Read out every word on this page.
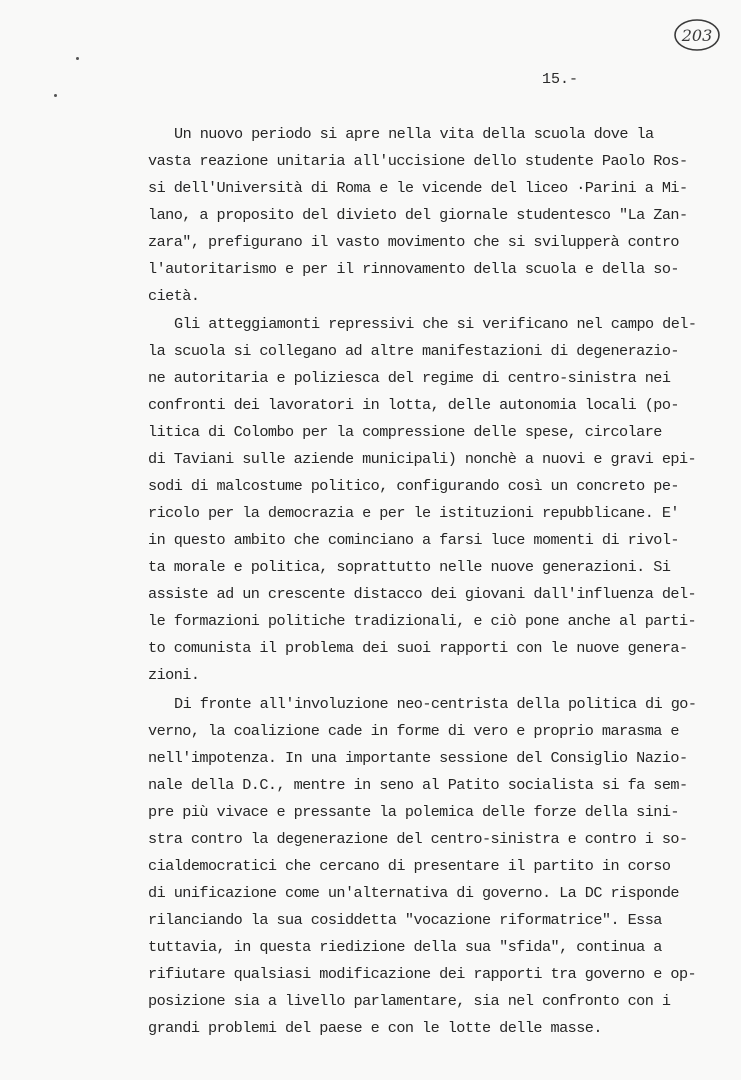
203
15.-
Un nuovo periodo si apre nella vita della scuola dove la
vasta reazione unitaria all'uccisione dello studente Paolo Ros-
si dell'Università di Roma e le vicende del liceo ·Parini a Mi-
lano, a proposito del divieto del giornale studentesco "La Zan-
zara", prefigurano il vasto movimento che si svilupperà contro
l'autoritarismo e per il rinnovamento della scuola e della so-
cietà.
Gli atteggiamonti repressivi che si verificano nel campo del-
la scuola si collegano ad altre manifestazioni di degenerazio-
ne autoritaria e poliziesca del regime di centro-sinistra nei
confronti dei lavoratori in lotta, delle autonomia locali (po-
litica di Colombo per la compressione delle spese, circolare
di Taviani sulle aziende municipali) nonchè a nuovi e gravi epi-
sodi di malcostume politico, configurando così un concreto pe-
ricolo per la democrazia e per le istituzioni repubblicane. E'
in questo ambito che cominciano a farsi luce momenti di rivol-
ta morale e politica, soprattutto nelle nuove generazioni. Si
assiste ad un crescente distacco dei giovani dall'influenza del-
le formazioni politiche tradizionali, e ciò pone anche al parti-
to comunista il problema dei suoi rapporti con le nuove genera-
zioni.
Di fronte all'involuzione neo-centrista della politica di go-
verno, la coalizione cade in forme di vero e proprio marasma e
nell'impotenza. In una importante sessione del Consiglio Nazio-
nale della D.C., mentre in seno al Patito socialista si fa sem-
pre più vivace e pressante la polemica delle forze della sini-
stra contro la degenerazione del centro-sinistra e contro i so-
cialdemocratici che cercano di presentare il partito in corso
di unificazione come un'alternativa di governo. La DC risponde
rilanciando la sua cosiddetta "vocazione riformatrice". Essa
tuttavia, in questa riedizione della sua "sfida", continua a
rifiutare qualsiasi modificazione dei rapporti tra governo e op-
posizione sia a livello parlamentare, sia nel confronto con i
grandi problemi del paese e con le lotte delle masse.
